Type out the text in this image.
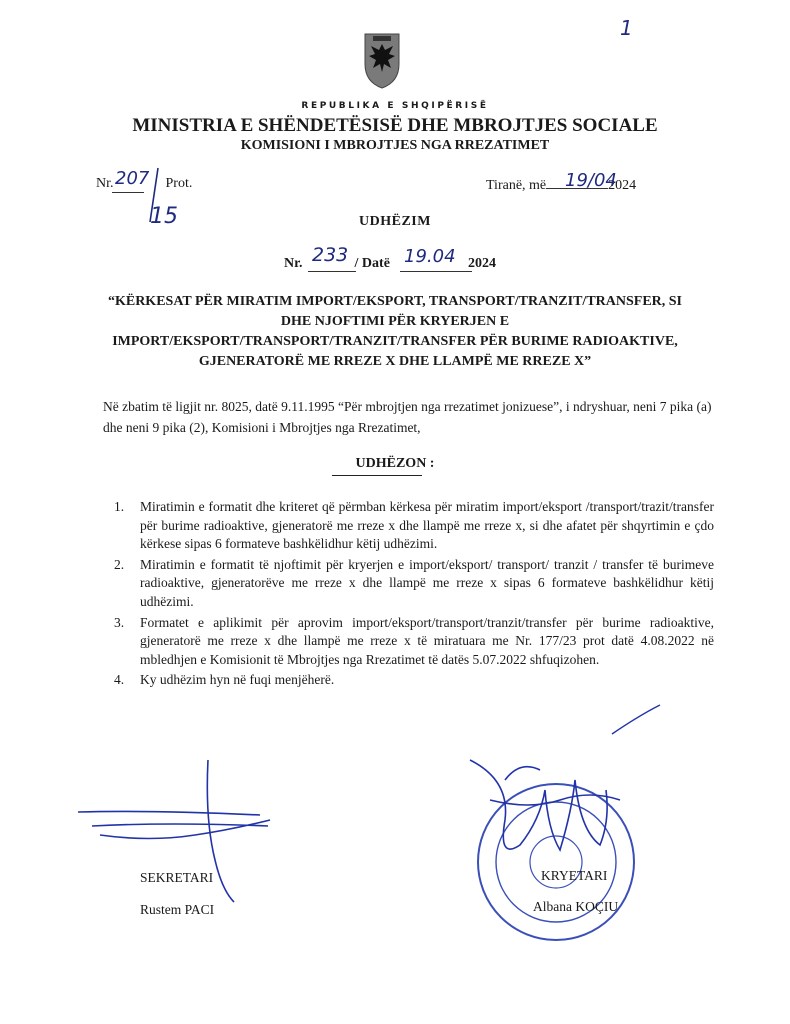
REPUBLIKA E SHQIPËRISË
MINISTRIA E SHËNDETËSISË DHE MBROJTJES SOCIALE
KOMISIONI I MBROJTJES NGA RREZATIMET
1
Nr.	Prot.
207
15
Tiranë, më	2024
19/04
UDHËZIM
Nr.	/ Datë	2024
233	19.04
“KËRKESAT PËR MIRATIM IMPORT/EKSPORT, TRANSPORT/TRANZIT/TRANSFER, SI DHE NJOFTIMI PËR KRYERJEN E IMPORT/EKSPORT/TRANSPORT/TRANZIT/TRANSFER PËR BURIME RADIOAKTIVE, GJENERATORË ME RREZE X DHE LLAMPË ME RREZE X”
Në zbatim të ligjit nr. 8025, datë 9.11.1995 “Për mbrojtjen nga rrezatimet jonizuese”, i ndryshuar, neni 7 pika (a) dhe neni 9 pika (2), Komisioni i Mbrojtjes nga Rrezatimet,
UDHËZON :
1. Miratimin e formatit dhe kriteret që përmban kërkesa për miratim import/eksport /transport/trazit/transfer për burime radioaktive, gjeneratorë me rreze x dhe llampë me rreze x, si dhe afatet për shqyrtimin e çdo kërkese sipas 6 formateve bashkëlidhur këtij udhëzimi.
2. Miratimin e formatit të njoftimit për kryerjen e import/eksport/ transport/ tranzit / transfer të burimeve radioaktive, gjeneratorëve me rreze x dhe llampë me rreze x sipas 6 formateve bashkëlidhur këtij udhëzimi.
3. Formatet e aplikimit për aprovim import/eksport/transport/tranzit/transfer për burime radioaktive, gjeneratorë me rreze x dhe llampë me rreze x të miratuara me Nr. 177/23 prot datë 4.08.2022 në mbledhjen e Komisionit të Mbrojtjes nga Rrezatimet të datës 5.07.2022 shfuqizohen.
4. Ky udhëzim hyn në fuqi menjëherë.
SEKRETARI
Rustem PACI
KRYETARI
Albana KOÇIU
